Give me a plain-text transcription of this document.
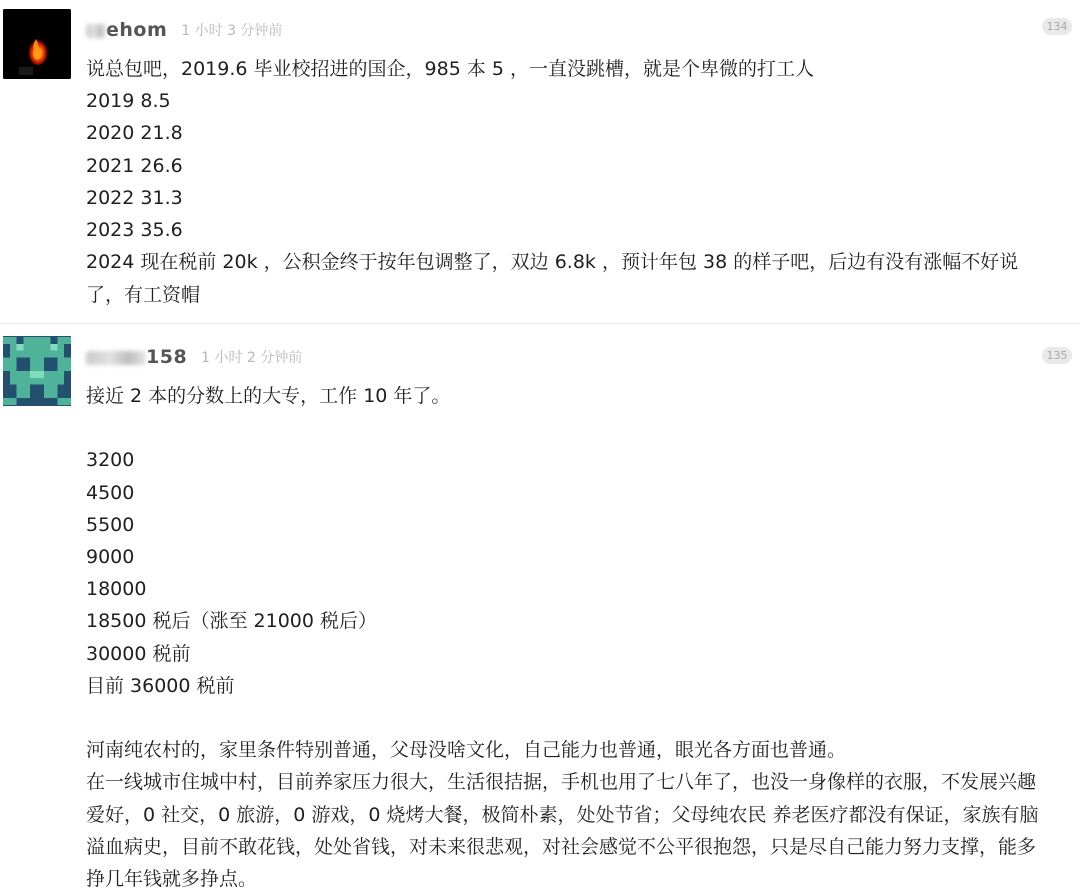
ehom 1 小时 3 分钟前	134
说总包吧，2019.6 毕业校招进的国企，985 本 5 ，一直没跳槽，就是个卑微的打工人
2019 8.5
2020 21.8
2021 26.6
2022 31.3
2023 35.6
2024 现在税前 20k ，公积金终于按年包调整了，双边 6.8k ，预计年包 38 的样子吧，后边有没有涨幅不好说了，有工资帽
158 1 小时 2 分钟前	135
接近 2 本的分数上的大专，工作 10 年了。
3200
4500
5500
9000
18000
18500 税后（涨至 21000 税后）
30000 税前
目前 36000 税前
河南纯农村的，家里条件特别普通，父母没啥文化，自己能力也普通，眼光各方面也普通。
在一线城市住城中村，目前养家压力很大，生活很拮据，手机也用了七八年了，也没一身像样的衣服，不发展兴趣爱好，0 社交，0 旅游，0 游戏，0 烧烤大餐，极简朴素，处处节省；父母纯农民 养老医疗都没有保证，家族有脑溢血病史，目前不敢花钱，处处省钱，对未来很悲观，对社会感觉不公平很抱怨，只是尽自己能力努力支撑，能多挣几年钱就多挣点。
